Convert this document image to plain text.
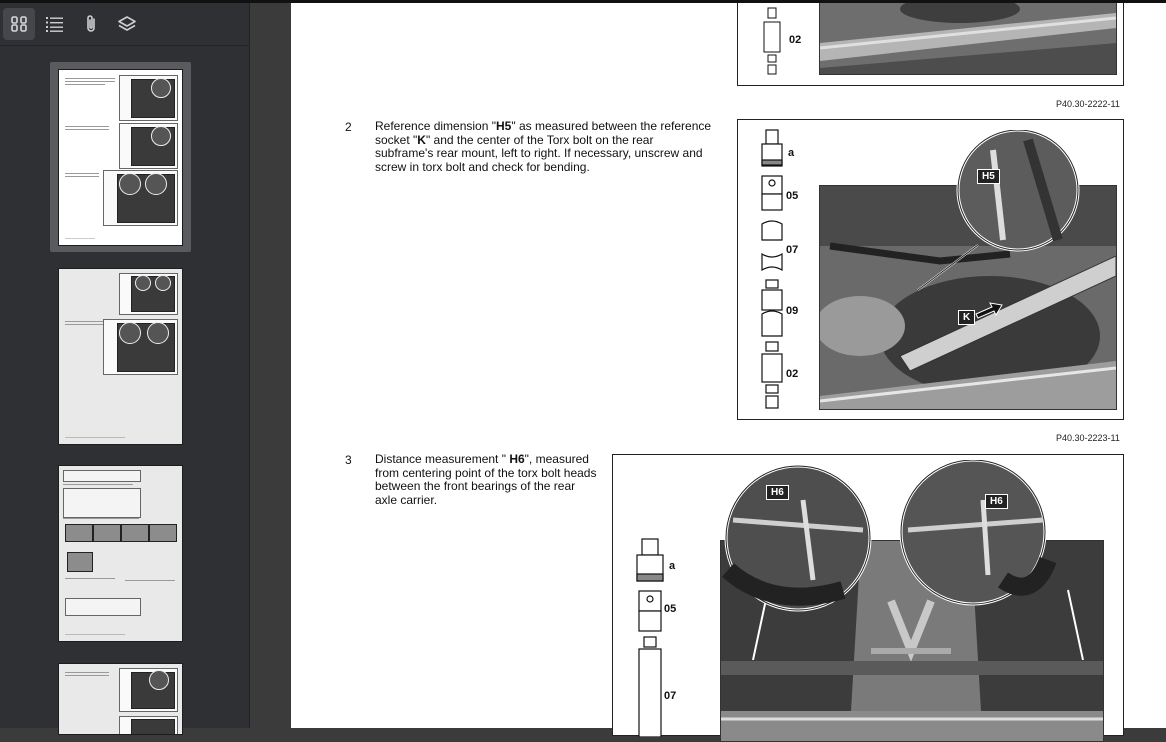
02
P40.30-2222-11
2 Reference dimension "H5" as measured between the reference socket "K" and the center of the Torx bolt on the rear subframe's rear mount, left to right. If necessary, unscrew and screw in torx bolt and check for bending.
a
05
07
09
02
H5
K
P40.30-2223-11
3 Distance measurement " H6", measured from centering point of the torx bolt heads between the front bearings of the rear axle carrier.
a
05
07
H6
H6
